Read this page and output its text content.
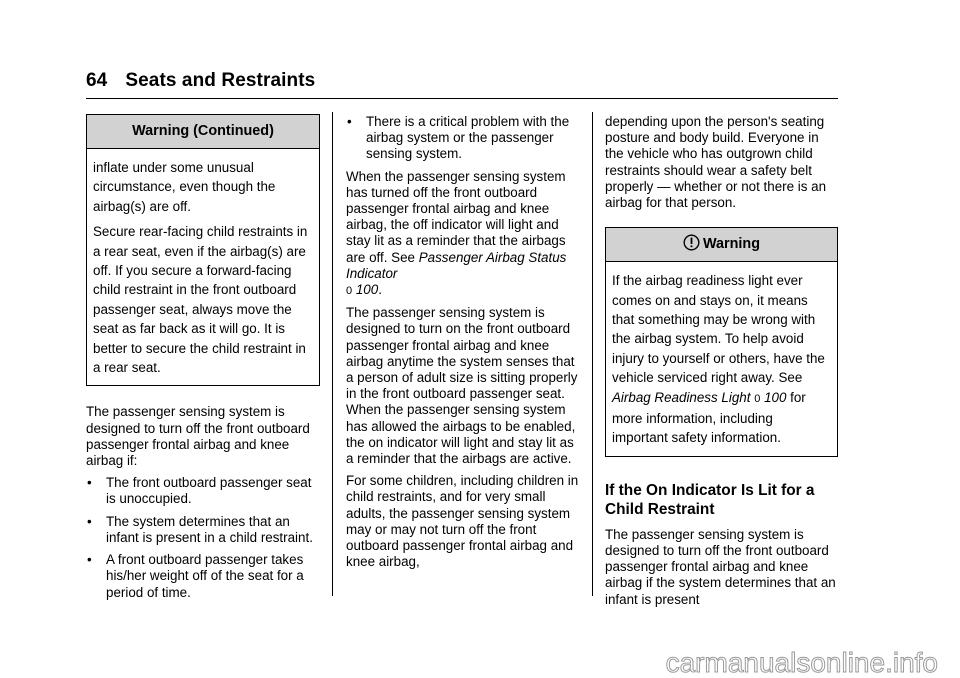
64 Seats and Restraints
Warning (Continued)

inflate under some unusual circumstance, even though the airbag(s) are off.

Secure rear-facing child restraints in a rear seat, even if the airbag(s) are off. If you secure a forward-facing child restraint in the front outboard passenger seat, always move the seat as far back as it will go. It is better to secure the child restraint in a rear seat.

The passenger sensing system is designed to turn off the front outboard passenger frontal airbag and knee airbag if:

• The front outboard passenger seat is unoccupied.
• The system determines that an infant is present in a child restraint.
• A front outboard passenger takes his/her weight off of the seat for a period of time.
• There is a critical problem with the airbag system or the passenger sensing system.

When the passenger sensing system has turned off the front outboard passenger frontal airbag and knee airbag, the off indicator will light and stay lit as a reminder that the airbags are off. See Passenger Airbag Status Indicator
0 100.

The passenger sensing system is designed to turn on the front outboard passenger frontal airbag and knee airbag anytime the system senses that a person of adult size is sitting properly in the front outboard passenger seat. When the passenger sensing system has allowed the airbags to be enabled, the on indicator will light and stay lit as a reminder that the airbags are active.

For some children, including children in child restraints, and for very small adults, the passenger sensing system may or may not turn off the front outboard passenger frontal airbag and knee airbag,

depending upon the person's seating posture and body build. Everyone in the vehicle who has outgrown child restraints should wear a safety belt properly — whether or not there is an airbag for that person.

Warning

If the airbag readiness light ever comes on and stays on, it means that something may be wrong with the airbag system. To help avoid injury to yourself or others, have the vehicle serviced right away. See Airbag Readiness Light 0 100 for more information, including important safety information.

If the On Indicator Is Lit for a Child Restraint

The passenger sensing system is designed to turn off the front outboard passenger frontal airbag and knee airbag if the system determines that an infant is present

carmanualsonline.info
